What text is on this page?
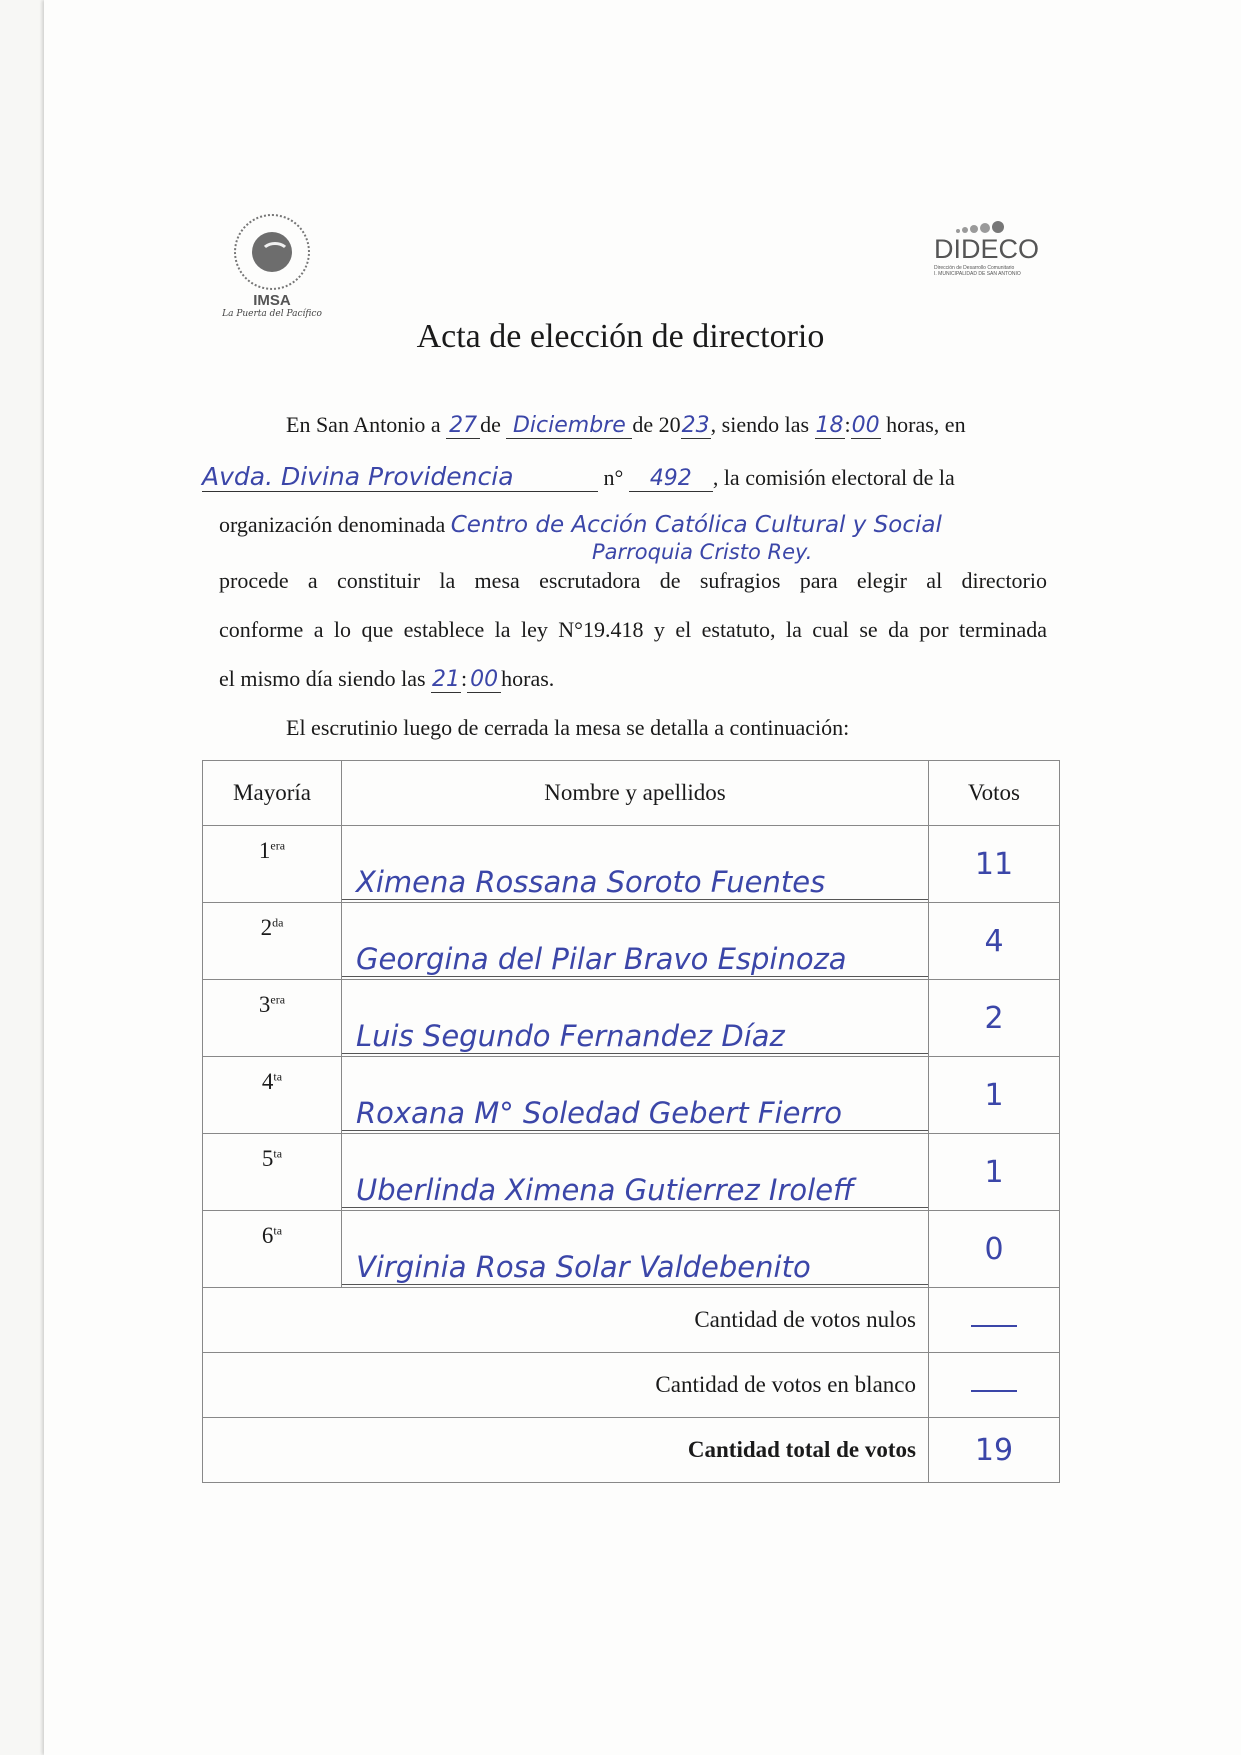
IMSA
La Puerta del Pacífico
DIDECO
Dirección de Desarrollo Comunitario
I. MUNICIPALIDAD DE SAN ANTONIO
Acta de elección de directorio
En San Antonio a 27 de Diciembre de 2023, siendo las 18:00 horas, en
Avda. Divina Providencia	n° 492 , la comisión electoral de la
organización denominada Centro de Acción Católica Cultural y Social
Parroquia Cristo Rey.
procede a constituir la mesa escrutadora de sufragios para elegir al directorio
conforme a lo que establece la ley N°19.418 y el estatuto, la cual se da por terminada
el mismo día siendo las 21: 00 horas.
El escrutinio luego de cerrada la mesa se detalla a continuación:
Mayoría	Nombre y apellidos	Votos
$1^{era}$	Ximena Rossana Soroto Fuentes	11
$2^{da}$	Georgina del Pilar Bravo Espinoza	4
$3^{era}$	Luis Segundo Fernandez Díaz	2
$4^{ta}$	Roxana M° Soledad Gebert Fierro	1
$5^{ta}$	Uberlinda Ximena Gutierrez Iroleff	1
$6^{ta}$	Virginia Rosa Solar Valdebenito	0
Cantidad de votos nulos		
Cantidad de votos en blanco		
Cantidad total de votos		19
